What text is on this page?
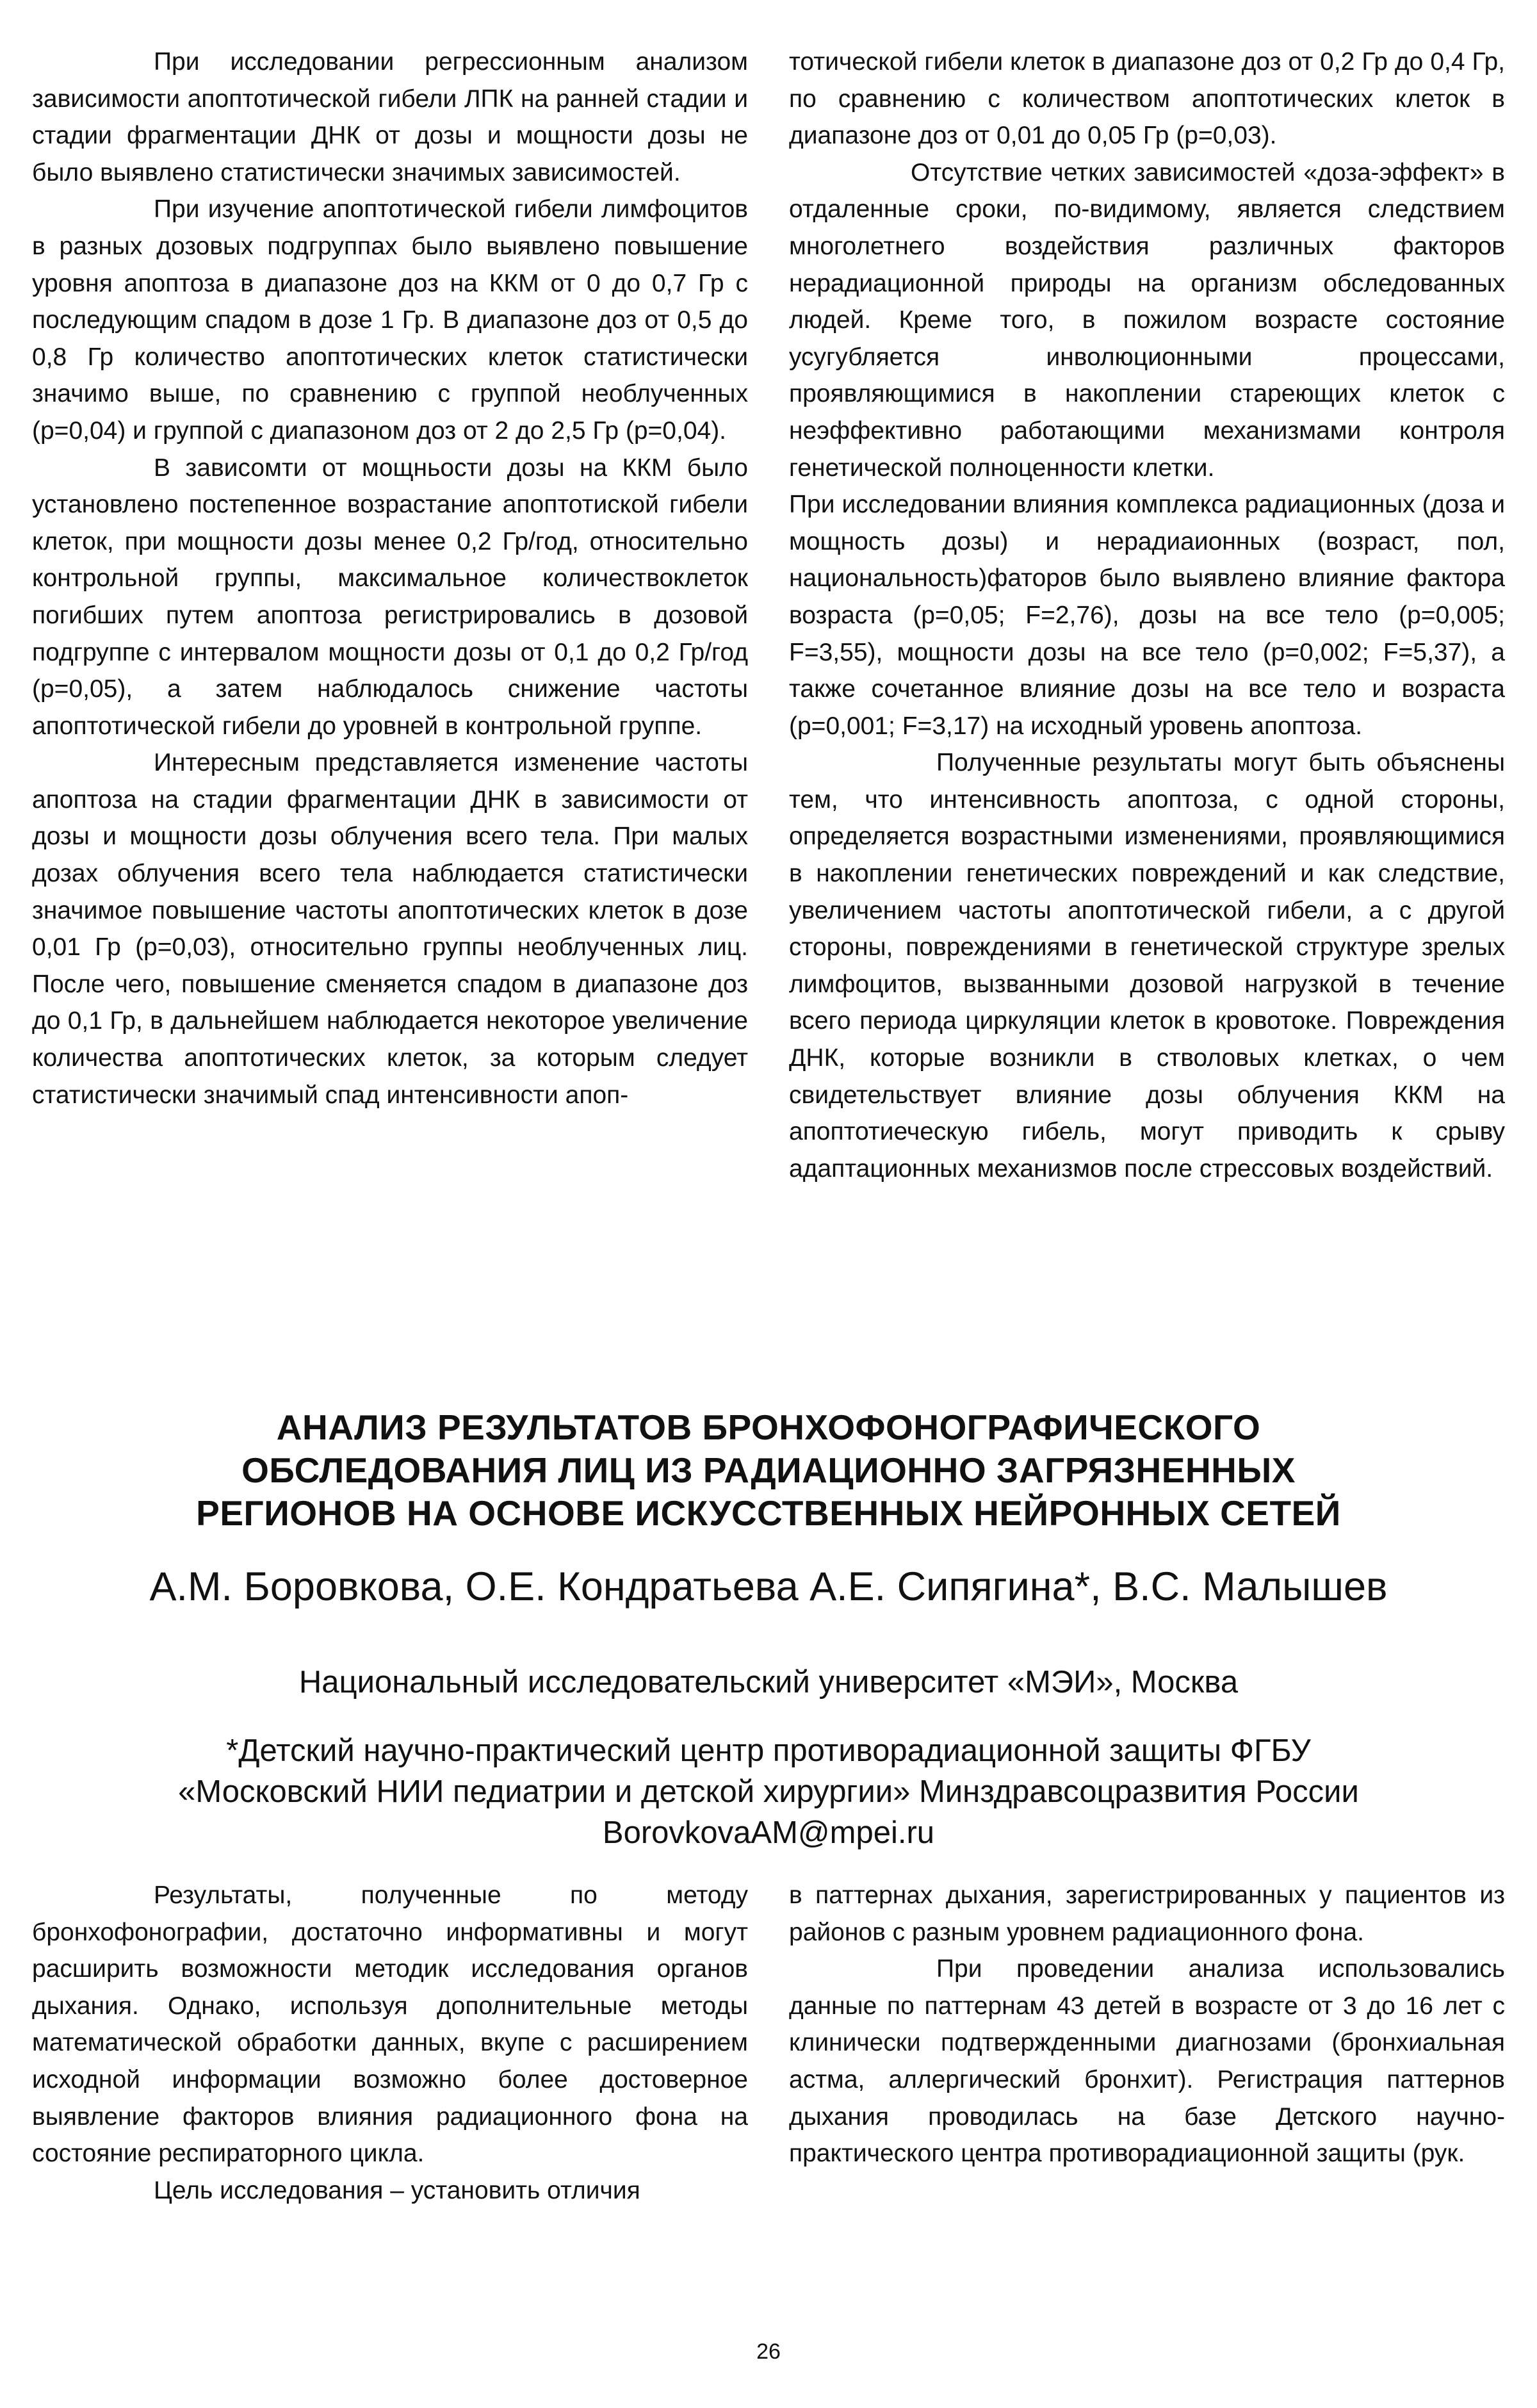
При исследовании регрессионным анализом зависимости апоптотической гибели ЛПК на ранней стадии и стадии фрагментации ДНК от дозы и мощности дозы не было выявлено статистически значимых зависимостей.

При изучение апоптотической гибели лимфоцитов в разных дозовых подгруппах было выявлено повышение уровня апоптоза в диапазоне доз на ККМ от 0 до 0,7 Гр с последующим спадом в дозе 1 Гр. В диапазоне доз от 0,5 до 0,8 Гр количество апоптотических клеток статистически значимо выше, по сравнению с группой необлученных (р=0,04) и группой с диапазоном доз от 2 до 2,5 Гр (р=0,04).

В зависомти от мощньости дозы на ККМ было установлено постепенное возрастание апоптотиской гибели клеток, при мощности дозы менее 0,2 Гр/год, относительно контрольной группы, максимальное количествоклеток погибших путем апоптоза регистрировались в дозовой подгруппе с интервалом мощности дозы от 0,1 до 0,2 Гр/год (р=0,05), а затем наблюдалось снижение частоты апоптотической гибели до уровней в контрольной группе.

Интересным представляется изменение частоты апоптоза на стадии фрагментации ДНК в зависимости от дозы и мощности дозы облучения всего тела. При малых дозах облучения всего тела наблюдается статистически значимое повышение частоты апоптотических клеток в дозе 0,01 Гр (р=0,03), относительно группы необлученных лиц. После чего, повышение сменяется спадом в диапазоне доз до 0,1 Гр, в дальнейшем наблюдается некоторое увеличение количества апоптотических клеток, за которым следует статистически значимый спад интенсивности апоп-

тотической гибели клеток в диапазоне доз от 0,2 Гр до 0,4 Гр, по сравнению с количеством апоптотических клеток в диапазоне доз от 0,01 до 0,05 Гр (р=0,03).

Отсутствие четких зависимостей «доза-эффект» в отдаленные сроки, по-видимому, является следствием многолетнего воздействия различных факторов нерадиационной природы на организм обследованных людей. Креме того, в пожилом возрасте состояние усугубляется инволюционными процессами, проявляющимися в накоплении стареющих клеток с неэффективно работающими механизмами контроля генетической полноценности клетки.

При исследовании влияния комплекса радиационных (доза и мощность дозы) и нерадиаионных (возраст, пол, национальность)фаторов было выявлено влияние фактора возраста (р=0,05; F=2,76), дозы на все тело (р=0,005; F=3,55), мощности дозы на все тело (р=0,002; F=5,37), а также сочетанное влияние дозы на все тело и возраста (р=0,001; F=3,17) на исходный уровень апоптоза.

Полученные результаты могут быть объяснены тем, что интенсивность апоптоза, с одной стороны, определяется возрастными изменениями, проявляющимися в накоплении генетических повреждений и как следствие, увеличением частоты апоптотической гибели, а с другой стороны, повреждениями в генетической структуре зрелых лимфоцитов, вызванными дозовой нагрузкой в течение всего периода циркуляции клеток в кровотоке. Повреждения ДНК, которые возникли в стволовых клетках, о чем свидетельствует влияние дозы облучения ККМ на апоптотиеческую гибель, могут приводить к срыву адаптационных механизмов после стрессовых воздействий.

АНАЛИЗ РЕЗУЛЬТАТОВ БРОНХОФОНОГРАФИЧЕСКОГО
ОБСЛЕДОВАНИЯ ЛИЦ ИЗ РАДИАЦИОННО ЗАГРЯЗНЕННЫХ
РЕГИОНОВ НА ОСНОВЕ ИСКУССТВЕННЫХ НЕЙРОННЫХ СЕТЕЙ
А.М. Боровкова, О.Е. Кондратьева А.Е. Сипягина*, В.С. Малышев
Национальный исследовательский университет «МЭИ», Москва
*Детский научно-практический центр противорадиационной защиты ФГБУ
«Московский НИИ педиатрии и детской хирургии» Минздравсоцразвития России
BorovkovaAM@mpei.ru

Результаты, полученные по методу бронхофонографии, достаточно информативны и могут расширить возможности методик исследования органов дыхания. Однако, используя дополнительные методы математической обработки данных, вкупе с расширением исходной информации возможно более достоверное выявление факторов влияния радиационного фона на состояние респираторного цикла.

Цель исследования – установить отличия

в паттернах дыхания, зарегистрированных у пациентов из районов с разным уровнем радиационного фона.

При проведении анализа использовались данные по паттернам 43 детей в возрасте от 3 до 16 лет с клинически подтвержденными диагнозами (бронхиальная астма, аллергический бронхит). Регистрация паттернов дыхания проводилась на базе Детского научно-практического центра противорадиационной защиты (рук.

26
